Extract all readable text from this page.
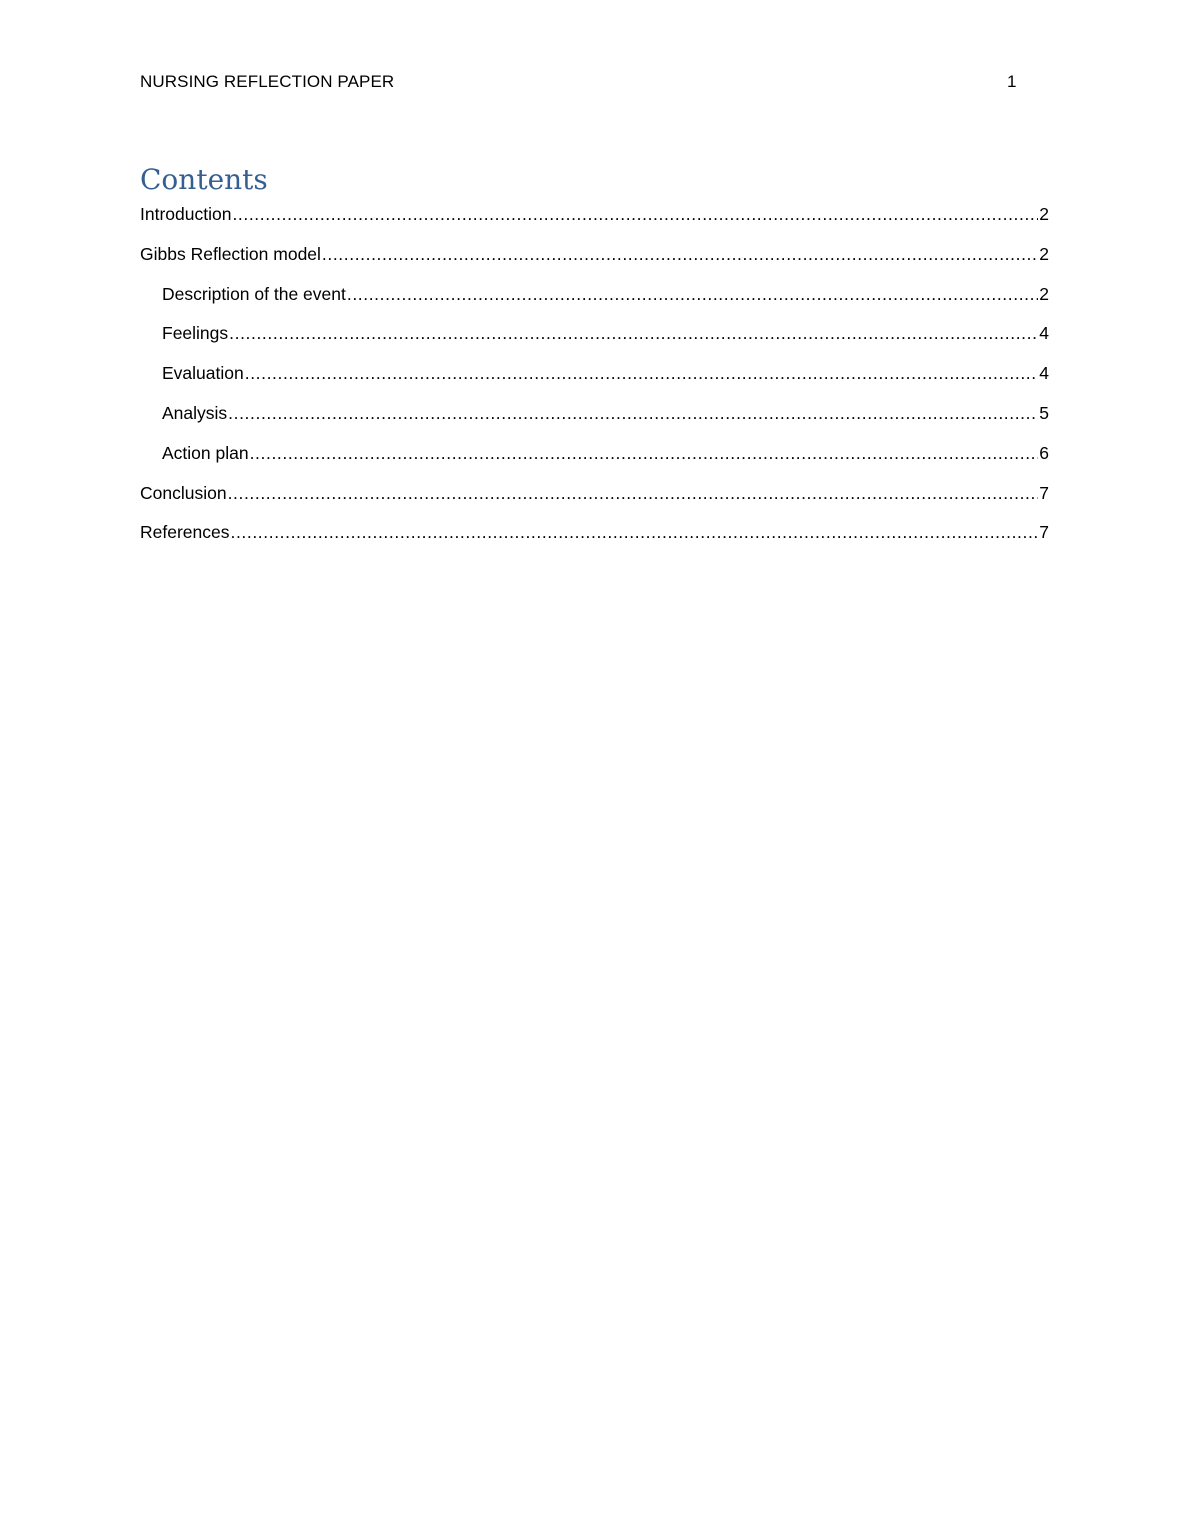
NURSING REFLECTION PAPER	1
Contents
Introduction .....	2
Gibbs Reflection model .....	2
Description of the event .....	2
Feelings .....	4
Evaluation .....	4
Analysis .....	5
Action plan .....	6
Conclusion .....	7
References .....	7
